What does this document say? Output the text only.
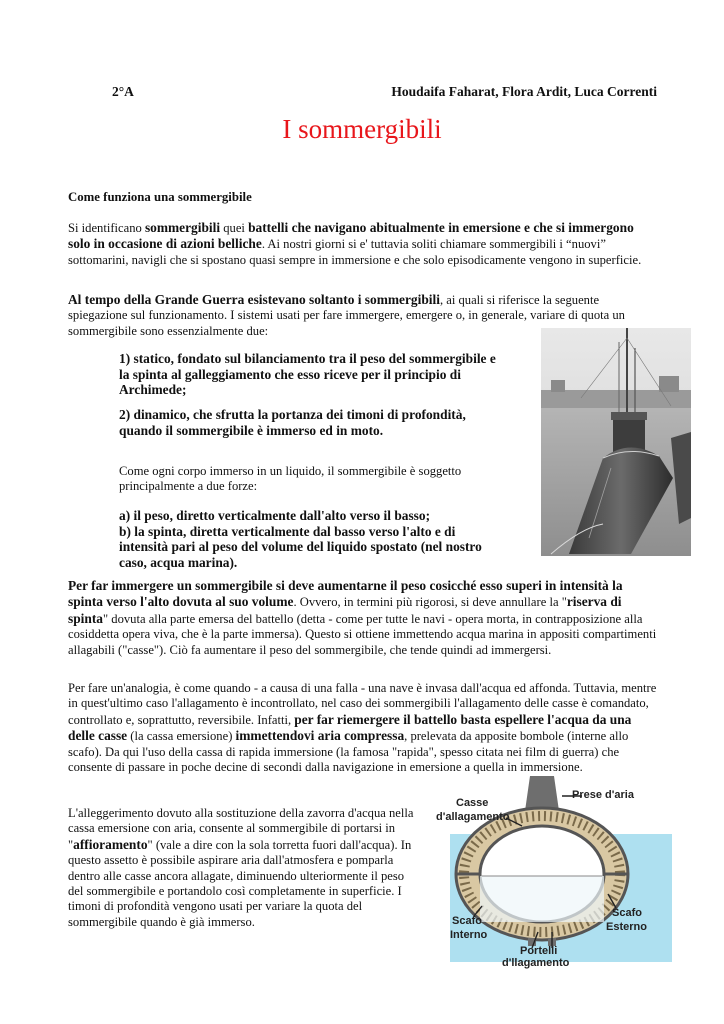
2°A	Houdaifa Faharat, Flora Ardit, Luca Correnti
I sommergibili
Come funziona una sommergibile
Si identificano sommergibili quei battelli che navigano abitualmente in emersione e che si immergono solo in occasione di azioni belliche. Ai nostri giorni si e' tuttavia soliti chiamare sommergibili i “nuovi” sottomarini, navigli che si spostano quasi sempre in immersione e che solo episodicamente vengono in superficie.
Al tempo della Grande Guerra esistevano soltanto i sommergibili, ai quali si riferisce la seguente spiegazione sul funzionamento. I sistemi usati per fare immergere, emergere o, in generale, variare di quota un sommergibile sono essenzialmente due:
1) statico, fondato sul bilanciamento tra il peso del sommergibile e la spinta al galleggiamento che esso riceve per il principio di Archimede;
2) dinamico, che sfrutta la portanza dei timoni di profondità, quando il sommergibile è immerso ed in moto.
Come ogni corpo immerso in un liquido, il sommergibile è soggetto principalmente a due forze:
a) il peso, diretto verticalmente dall'alto verso il basso;
b) la spinta, diretta verticalmente dal basso verso l'alto e di intensità pari al peso del volume del liquido spostato (nel nostro caso, acqua marina).
Per far immergere un sommergibile si deve aumentarne il peso cosicché esso superi in intensità la spinta verso l'alto dovuta al suo volume. Ovvero, in termini più rigorosi, si deve annullare la "riserva di spinta" dovuta alla parte emersa del battello (detta - come per tutte le navi - opera morta, in contrapposizione alla cosiddetta opera viva, che è la parte immersa). Questo si ottiene immettendo acqua marina in appositi compartimenti allagabili ("casse"). Ciò fa aumentare il peso del sommergibile, che tende quindi ad immergersi.
Per fare un'analogia, è come quando - a causa di una falla - una nave è invasa dall'acqua ed affonda. Tuttavia, mentre in quest'ultimo caso l'allagamento è incontrollato, nel caso dei sommergibili l'allagamento delle casse è comandato, controllato e, soprattutto, reversibile. Infatti, per far riemergere il battello basta espellere l'acqua da una delle casse (la cassa emersione) immettendovi aria compressa, prelevata da apposite bombole (interne allo scafo). Da qui l'uso della cassa di rapida immersione (la famosa "rapida", spesso citata nei film di guerra) che consente di passare in poche decine di secondi dalla navigazione in emersione a quella in immersione.
L'alleggerimento dovuto alla sostituzione della zavorra d'acqua nella cassa emersione con aria, consente al sommergibile di portarsi in "affioramento" (vale a dire con la sola torretta fuori dall'acqua). In questo assetto è possibile aspirare aria dall'atmosfera e pomparla dentro alle casse ancora allagate, diminuendo ulteriormente il peso del sommergibile e portandolo così completamente in superficie. I timoni di profondità vengono usati per variare la quota del sommergibile quando è già immerso.
Prese d'aria
Casse
d'allagamento
Scafo
Interno
Scafo
Esterno
Portelli
d'llagamento
